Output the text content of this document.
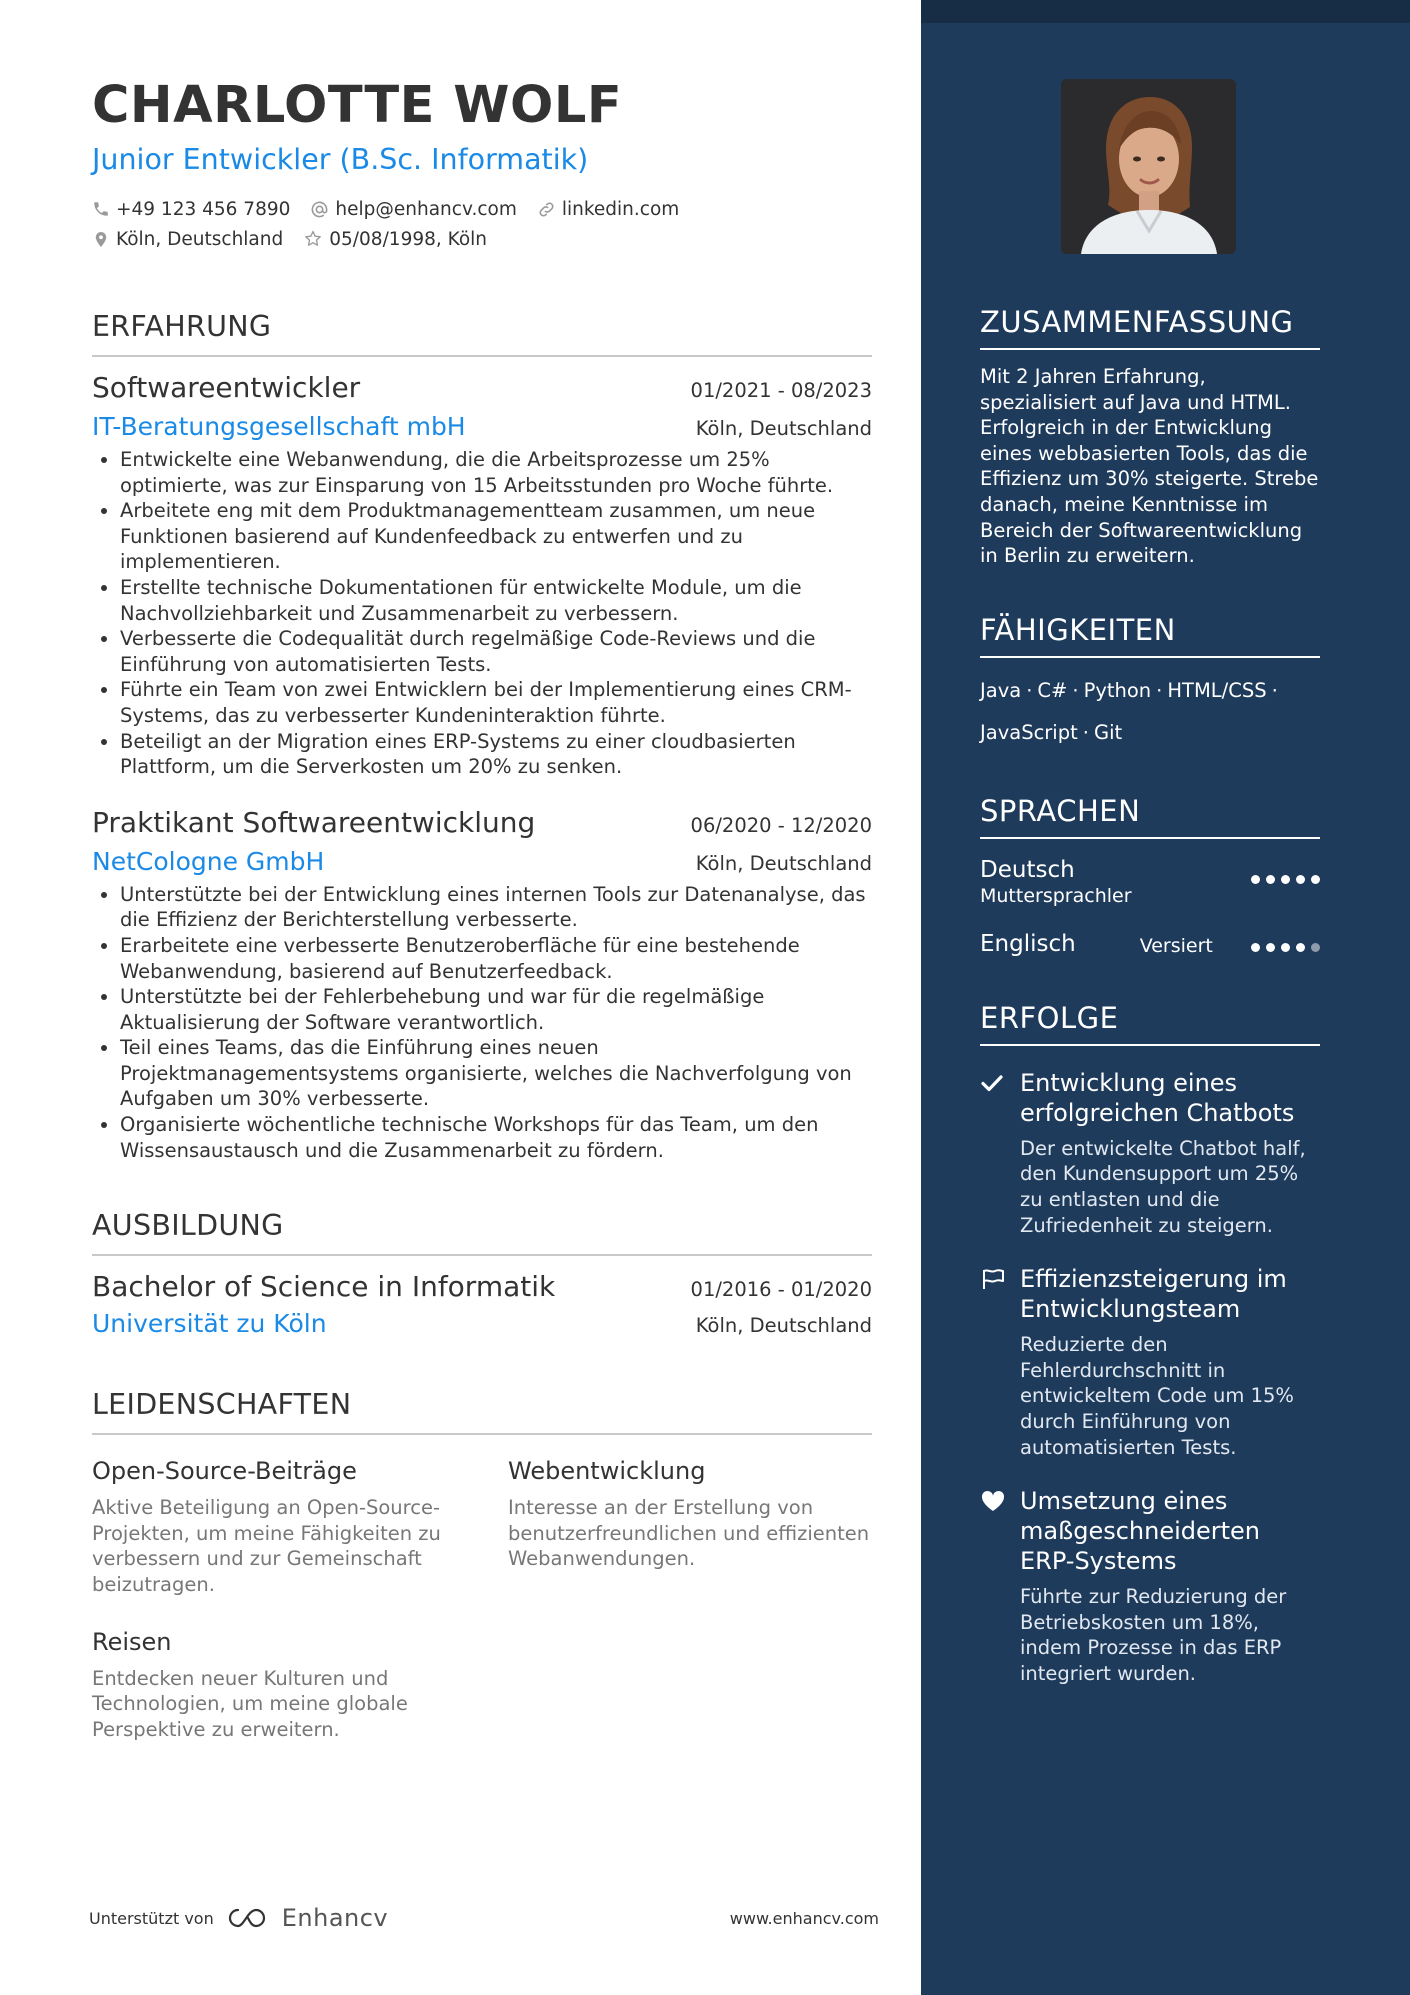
CHARLOTTE WOLF
Junior Entwickler (B.Sc. Informatik)
+49 123 456 7890 help@enhancv.com linkedin.com
Köln, Deutschland 05/08/1998, Köln
ERFAHRUNG
Softwareentwickler	01/2021 - 08/2023
IT-Beratungsgesellschaft mbH	Köln, Deutschland
• Entwickelte eine Webanwendung, die die Arbeitsprozesse um 25% optimierte, was zur Einsparung von 15 Arbeitsstunden pro Woche führte.
• Arbeitete eng mit dem Produktmanagementteam zusammen, um neue Funktionen basierend auf Kundenfeedback zu entwerfen und zu implementieren.
• Erstellte technische Dokumentationen für entwickelte Module, um die Nachvollziehbarkeit und Zusammenarbeit zu verbessern.
• Verbesserte die Codequalität durch regelmäßige Code-Reviews und die Einführung von automatisierten Tests.
• Führte ein Team von zwei Entwicklern bei der Implementierung eines CRM-Systems, das zu verbesserter Kundeninteraktion führte.
• Beteiligt an der Migration eines ERP-Systems zu einer cloudbasierten Plattform, um die Serverkosten um 20% zu senken.
Praktikant Softwareentwicklung	06/2020 - 12/2020
NetCologne GmbH	Köln, Deutschland
• Unterstützte bei der Entwicklung eines internen Tools zur Datenanalyse, das die Effizienz der Berichterstellung verbesserte.
• Erarbeitete eine verbesserte Benutzeroberfläche für eine bestehende Webanwendung, basierend auf Benutzerfeedback.
• Unterstützte bei der Fehlerbehebung und war für die regelmäßige Aktualisierung der Software verantwortlich.
• Teil eines Teams, das die Einführung eines neuen Projektmanagementsystems organisierte, welches die Nachverfolgung von Aufgaben um 30% verbesserte.
• Organisierte wöchentliche technische Workshops für das Team, um den Wissensaustausch und die Zusammenarbeit zu fördern.
AUSBILDUNG
Bachelor of Science in Informatik	01/2016 - 01/2020
Universität zu Köln	Köln, Deutschland
LEIDENSCHAFTEN
Open-Source-Beiträge
Aktive Beteiligung an Open-Source-Projekten, um meine Fähigkeiten zu verbessern und zur Gemeinschaft beizutragen.
Webentwicklung
Interesse an der Erstellung von benutzerfreundlichen und effizienten Webanwendungen.
Reisen
Entdecken neuer Kulturen und Technologien, um meine globale Perspektive zu erweitern.
Unterstützt von	Enhancv	www.enhancv.com
ZUSAMMENFASSUNG
Mit 2 Jahren Erfahrung, spezialisiert auf Java und HTML. Erfolgreich in der Entwicklung eines webbasierten Tools, das die Effizienz um 30% steigerte. Strebe danach, meine Kenntnisse im Bereich der Softwareentwicklung in Berlin zu erweitern.
FÄHIGKEITEN
Java · C# · Python · HTML/CSS ·
JavaScript · Git
SPRACHEN
Deutsch
Muttersprachler
Englisch	Versiert
ERFOLGE
Entwicklung eines erfolgreichen Chatbots
Der entwickelte Chatbot half, den Kundensupport um 25% zu entlasten und die Zufriedenheit zu steigern.
Effizienzsteigerung im Entwicklungsteam
Reduzierte den Fehlerdurchschnitt in entwickeltem Code um 15% durch Einführung von automatisierten Tests.
Umsetzung eines maßgeschneiderten ERP-Systems
Führte zur Reduzierung der Betriebskosten um 18%, indem Prozesse in das ERP integriert wurden.
